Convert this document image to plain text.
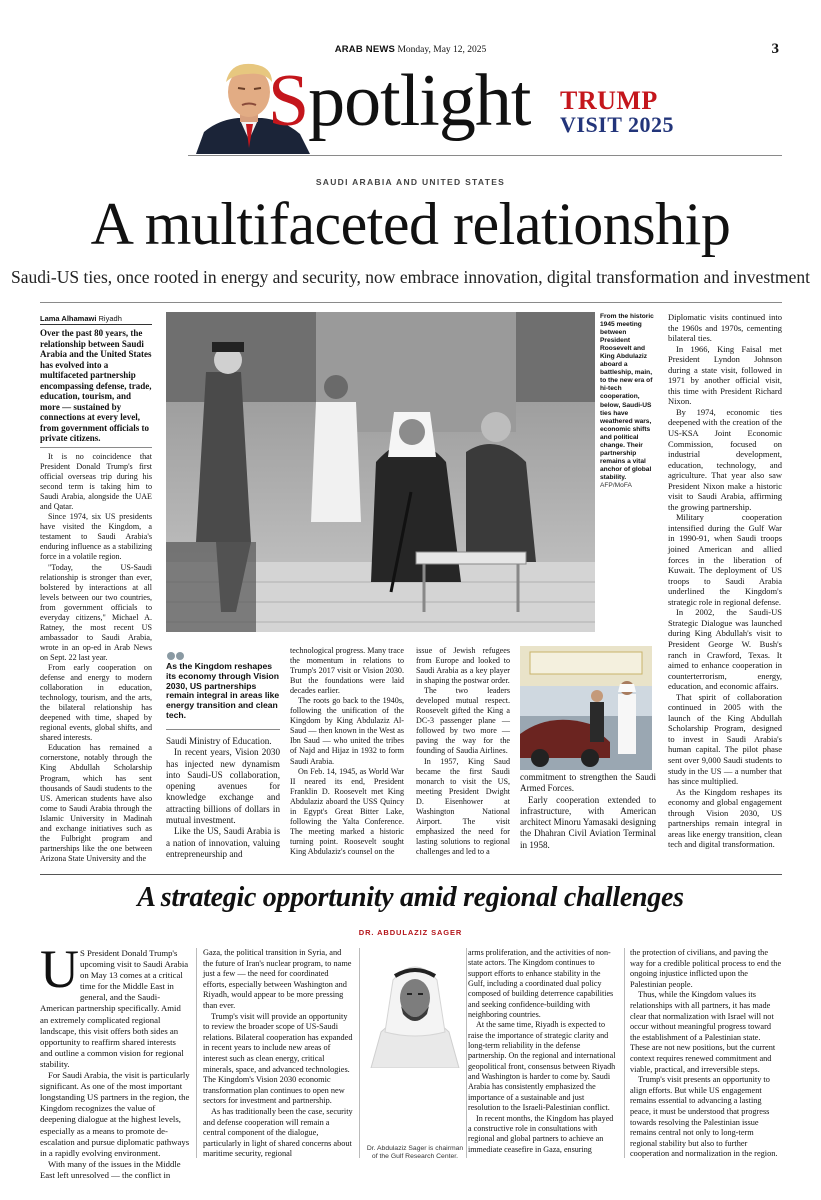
ARAB NEWS Monday, May 12, 2025	3
Spotlight TRUMP
VISIT 2025
SAUDI ARABIA AND UNITED STATES
A multifaceted relationship
Saudi-US ties, once rooted in energy and security, now embrace innovation, digital transformation and investment
Lama Alhamawi Riyadh
Over the past 80 years, the relationship between Saudi Arabia and the United States has evolved into a multifaceted partnership encompassing defense, trade, education, tourism, and more — sustained by connections at every level, from government officials to private citizens.

It is no coincidence that President Donald Trump's first official overseas trip during his second term is taking him to Saudi Arabia, alongside the UAE and Qatar.

Since 1974, six US presidents have visited the Kingdom, a testament to Saudi Arabia's enduring influence as a stabilizing force in a volatile region.

"Today, the US-Saudi relationship is stronger than ever, bolstered by interactions at all levels between our two countries, from government officials to everyday citizens," Michael A. Ratney, the most recent US ambassador to Saudi Arabia, wrote in an op-ed in Arab News on Sept. 22 last year.

From early cooperation on defense and energy to modern collaboration in education, technology, tourism, and the arts, the bilateral relationship has deepened with time, shaped by regional events, global shifts, and shared interests.

Education has remained a cornerstone, notably through the King Abdullah Scholarship Program, which has sent thousands of Saudi students to the US. American students have also come to Saudi Arabia through the Islamic University in Madinah and exchange initiatives such as the Fulbright program and partnerships like the one between Arizona State University and the

From the historic 1945 meeting between President Roosevelt and King Abdulaziz aboard a battleship, main, to the new era of hi-tech cooperation, below, Saudi-US ties have weathered wars, economic shifts and political change. Their partnership remains a vital anchor of global stability.
AFP/MoFA
As the Kingdom reshapes its economy through Vision 2030, US partnerships remain integral in areas like energy transition and clean tech.

Saudi Ministry of Education.

In recent years, Vision 2030 has injected new dynamism into Saudi-US collaboration, opening avenues for knowledge exchange and attracting billions of dollars in mutual investment.

Like the US, Saudi Arabia is a nation of innovation, valuing entrepreneurship and

technological progress. Many trace the momentum in relations to Trump's 2017 visit or Vision 2030. But the foundations were laid decades earlier.

The roots go back to the 1940s, following the unification of the Kingdom by King Abdulaziz Al-Saud — then known in the West as Ibn Saud — who united the tribes of Najd and Hijaz in 1932 to form Saudi Arabia.

On Feb. 14, 1945, as World War II neared its end, President Franklin D. Roosevelt met King Abdulaziz aboard the USS Quincy in Egypt's Great Bitter Lake, following the Yalta Conference. The meeting marked a historic turning point. Roosevelt sought King Abdulaziz's counsel on the

issue of Jewish refugees from Europe and looked to Saudi Arabia as a key player in shaping the postwar order.

The two leaders developed mutual respect. Roosevelt gifted the King a DC-3 passenger plane — followed by two more — paving the way for the founding of Saudia Airlines.

In 1957, King Saud became the first Saudi monarch to visit the US, meeting President Dwight D. Eisenhower at Washington National Airport. The visit emphasized the need for lasting solutions to regional challenges and led to a

commitment to strengthen the Saudi Armed Forces.

Early cooperation extended to infrastructure, with American architect Minoru Yamasaki designing the Dhahran Civil Aviation Terminal in 1958.

Diplomatic visits continued into the 1960s and 1970s, cementing bilateral ties.

In 1966, King Faisal met President Lyndon Johnson during a state visit, followed in 1971 by another official visit, this time with President Richard Nixon.

By 1974, economic ties deepened with the creation of the US-KSA Joint Economic Commission, focused on industrial development, education, technology, and agriculture. That year also saw President Nixon make a historic visit to Saudi Arabia, affirming the growing partnership.

Military cooperation intensified during the Gulf War in 1990-91, when Saudi troops joined American and allied forces in the liberation of Kuwait. The deployment of US troops to Saudi Arabia underlined the Kingdom's strategic role in regional defense.

In 2002, the Saudi-US Strategic Dialogue was launched during King Abdullah's visit to President George W. Bush's ranch in Crawford, Texas. It aimed to enhance cooperation in counterterrorism, energy, education, and economic affairs.

That spirit of collaboration continued in 2005 with the launch of the King Abdullah Scholarship Program, designed to invest in Saudi Arabia's human capital. The pilot phase sent over 9,000 Saudi students to study in the US — a number that has since multiplied.

As the Kingdom reshapes its economy and global engagement through Vision 2030, US partnerships remain integral in areas like energy transition, clean tech and digital transformation.

A strategic opportunity amid regional challenges
DR. ABDULAZIZ SAGER
U S President Donald Trump's upcoming visit to Saudi Arabia on May 13 comes at a critical time for the Middle East in general, and the Saudi-American partnership specifically. Amid an extremely complicated regional landscape, this visit offers both sides an opportunity to reaffirm shared interests and outline a common vision for regional stability.

For Saudi Arabia, the visit is particularly significant. As one of the most important longstanding US partners in the region, the Kingdom recognizes the value of deepening dialogue at the highest levels, especially as a means to promote de-escalation and pursue diplomatic pathways in a rapidly evolving environment.

With many of the issues in the Middle East left unresolved — the conflict in

Gaza, the political transition in Syria, and the future of Iran's nuclear program, to name just a few — the need for coordinated efforts, especially between Washington and Riyadh, would appear to be more pressing than ever.

Trump's visit will provide an opportunity to review the broader scope of US-Saudi relations. Bilateral cooperation has expanded in recent years to include new areas of interest such as clean energy, critical minerals, space, and advanced technologies. The Kingdom's Vision 2030 economic transformation plan continues to open new sectors for investment and partnership.

As has traditionally been the case, security and defense cooperation will remain a central component of the dialogue, particularly in light of shared concerns about maritime security, regional

Dr. Abdulaziz Sager is chairman of the Gulf Research Center.

arms proliferation, and the activities of non-state actors. The Kingdom continues to support efforts to enhance stability in the Gulf, including a coordinated dual policy composed of building deterrence capabilities and seeking confidence-building with neighboring countries.

At the same time, Riyadh is expected to raise the importance of strategic clarity and long-term reliability in the defense partnership. On the regional and international geopolitical front, consensus between Riyadh and Washington is harder to come by. Saudi Arabia has consistently emphasized the importance of a sustainable and just resolution to the Israeli-Palestinian conflict.

In recent months, the Kingdom has played a constructive role in consultations with regional and global partners to achieve an immediate ceasefire in Gaza, ensuring

the protection of civilians, and paving the way for a credible political process to end the ongoing injustice inflicted upon the Palestinian people.

Thus, while the Kingdom values its relationships with all partners, it has made clear that normalization with Israel will not occur without meaningful progress toward the establishment of a Palestinian state. These are not new positions, but the current context requires renewed commitment and viable, practical, and irreversible steps.

Trump's visit presents an opportunity to align efforts. But while US engagement remains essential to advancing a lasting peace, it must be understood that progress towards resolving the Palestinian issue remains central not only to long-term regional stability but also to further cooperation and normalization in the region.
